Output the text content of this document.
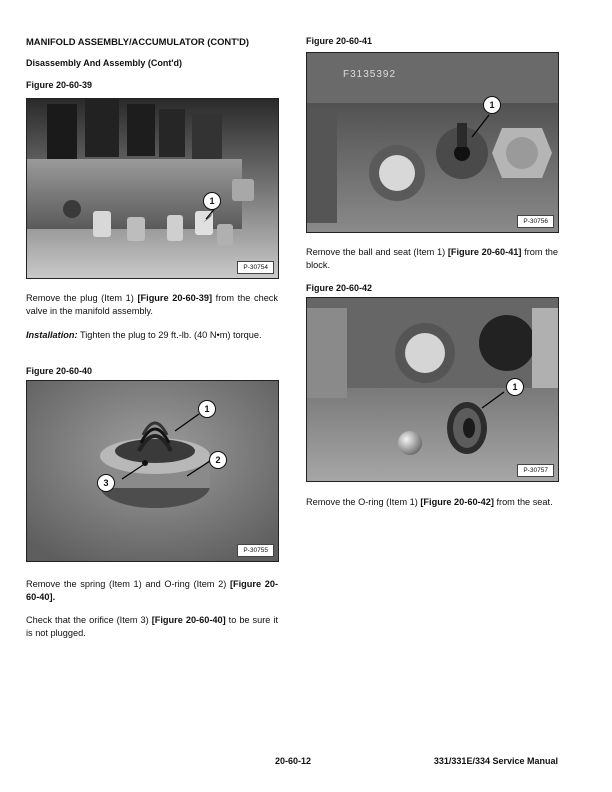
MANIFOLD ASSEMBLY/ACCUMULATOR (CONT'D)

Disassembly And Assembly (Cont'd)

Figure 20-60-39

1
P-30754

Remove the plug (Item 1) [Figure 20-60-39] from the check valve in the manifold assembly.

Installation: Tighten the plug to 29 ft.-lb. (40 N•m) torque.

Figure 20-60-40

1
2
3
P-30755

Remove the spring (Item 1) and O-ring (Item 2) [Figure 20-60-40].

Check that the orifice (Item 3) [Figure 20-60-40] to be sure it is not plugged.

Figure 20-60-41

1
F3135392
P-30756

Remove the ball and seat (Item 1) [Figure 20-60-41] from the block.

Figure 20-60-42

1
P-30757

Remove the O-ring (Item 1) [Figure 20-60-42] from the seat.

20-60-12	331/331E/334 Service Manual
